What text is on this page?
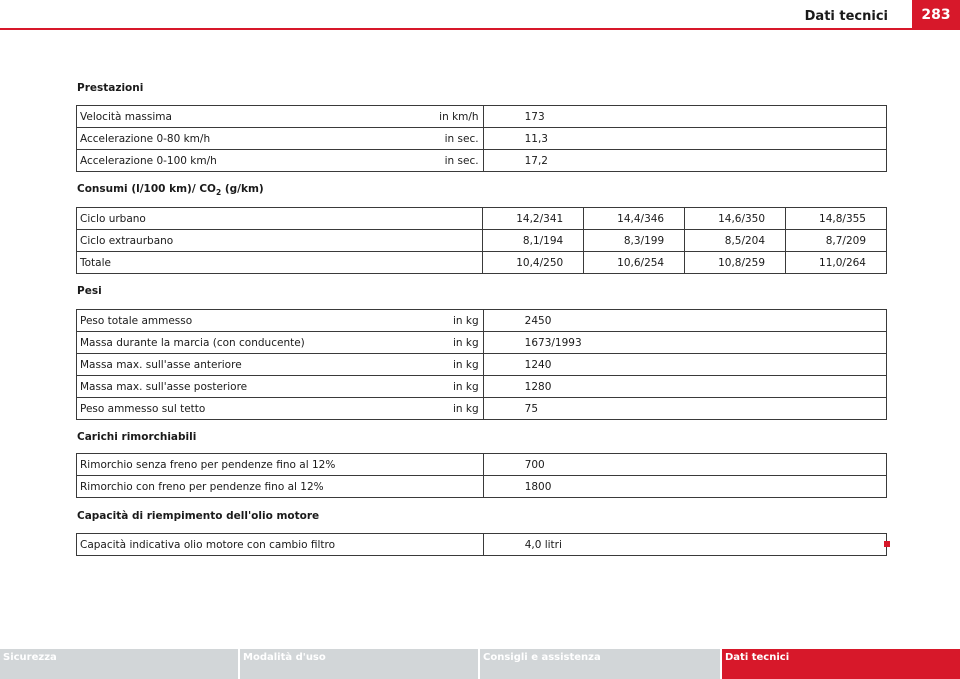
Dati tecnici	283
Prestazioni
Velocità massima	in km/h	173
Accelerazione 0-80 km/h	in sec.	11,3
Accelerazione 0-100 km/h	in sec.	17,2
Consumi (l/100 km)/ $CO_2$ (g/km)
Ciclo urbano	14,2/341	14,4/346	14,6/350	14,8/355
Ciclo extraurbano	8,1/194	8,3/199	8,5/204	8,7/209
Totale	10,4/250	10,6/254	10,8/259	11,0/264
Pesi
Peso totale ammesso	in kg	2450
Massa durante la marcia (con conducente)	in kg	1673/1993
Massa max. sull'asse anteriore	in kg	1240
Massa max. sull'asse posteriore	in kg	1280
Peso ammesso sul tetto	in kg	75
Carichi rimorchiabili
Rimorchio senza freno per pendenze fino al 12%	700
Rimorchio con freno per pendenze fino al 12%	1800
Capacità di riempimento dell'olio motore
Capacità indicativa olio motore con cambio filtro	4,0 litri
Sicurezza	Modalità d'uso	Consigli e assistenza	Dati tecnici
